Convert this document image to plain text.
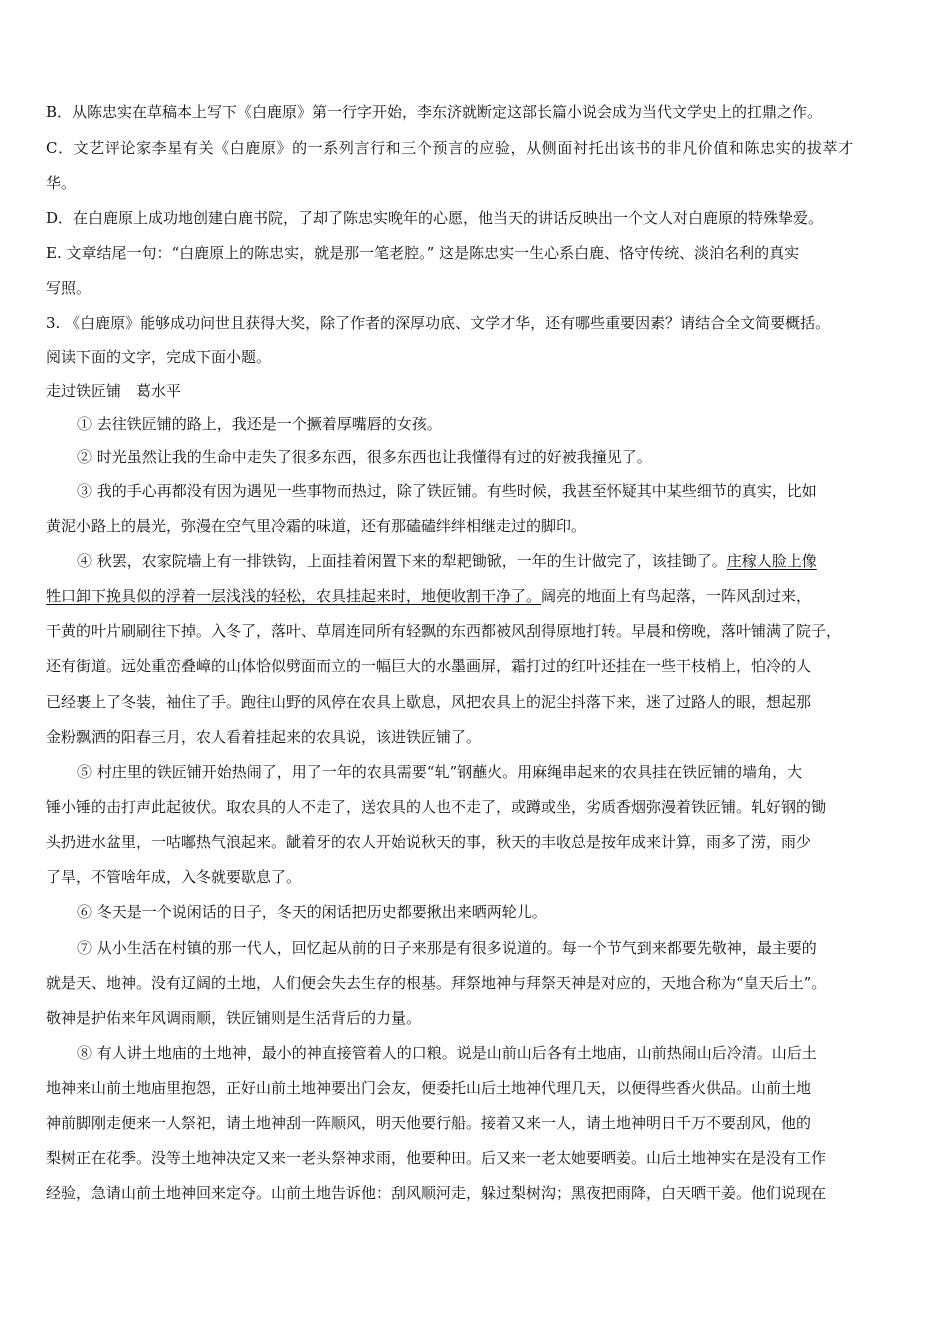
B．从陈忠实在草稿本上写下《白鹿原》第一行字开始，李东济就断定这部长篇小说会成为当代文学史上的扛鼎之作。
C．文艺评论家李星有关《白鹿原》的一系列言行和三个预言的应验，从侧面衬托出该书的非凡价值和陈忠实的拔萃才
华。
D．在白鹿原上成功地创建白鹿书院，了却了陈忠实晚年的心愿，他当天的讲话反映出一个文人对白鹿原的特殊挚爱。
E. 文章结尾一句：“白鹿原上的陈忠实，就是那一笔老腔。” 这是陈忠实一生心系白鹿、恪守传统、淡泊名利的真实
写照。
3. 《白鹿原》能够成功问世且获得大奖，除了作者的深厚功底、文学才华，还有哪些重要因素？请结合全文简要概括。
阅读下面的文字，完成下面小题。
走过铁匠铺　葛水平
① 去往铁匠铺的路上，我还是一个撅着厚嘴唇的女孩。
② 时光虽然让我的生命中走失了很多东西，很多东西也让我懂得有过的好被我撞见了。
③ 我的手心再都没有因为遇见一些事物而热过，除了铁匠铺。有些时候，我甚至怀疑其中某些细节的真实，比如
黄泥小路上的晨光，弥漫在空气里冷霜的味道，还有那磕磕绊绊相继走过的脚印。
④ 秋罢，农家院墙上有一排铁钩，上面挂着闲置下来的犁耙锄锨，一年的生计做完了，该挂锄了。庄稼人脸上像
牲口卸下挽具似的浮着一层浅浅的轻松，农具挂起来时，地便收割干净了。阔亮的地面上有鸟起落，一阵风刮过来，
干黄的叶片刷刷往下掉。入冬了，落叶、草屑连同所有轻飘的东西都被风刮得原地打转。早晨和傍晚，落叶铺满了院子，
还有街道。远处重峦叠嶂的山体恰似劈面而立的一幅巨大的水墨画屏，霜打过的红叶还挂在一些干枝梢上，怕冷的人
已经裹上了冬装，袖住了手。跑往山野的风停在农具上歇息，风把农具上的泥尘抖落下来，迷了过路人的眼，想起那
金粉飘洒的阳春三月，农人看着挂起来的农具说，该进铁匠铺了。
⑤ 村庄里的铁匠铺开始热闹了，用了一年的农具需要“轧”钢蘸火。用麻绳串起来的农具挂在铁匠铺的墙角，大
锤小锤的击打声此起彼伏。取农具的人不走了，送农具的人也不走了，或蹲或坐，劣质香烟弥漫着铁匠铺。轧好钢的锄
头扔进水盆里，一咕嘟热气浪起来。龇着牙的农人开始说秋天的事，秋天的丰收总是按年成来计算，雨多了涝，雨少
了旱，不管啥年成，入冬就要歇息了。
⑥ 冬天是一个说闲话的日子，冬天的闲话把历史都要揪出来晒两轮儿。
⑦ 从小生活在村镇的那一代人，回忆起从前的日子来那是有很多说道的。每一个节气到来都要先敬神，最主要的
就是天、地神。没有辽阔的土地，人们便会失去生存的根基。拜祭地神与拜祭天神是对应的，天地合称为“皇天后土”。
敬神是护佑来年风调雨顺，铁匠铺则是生活背后的力量。
⑧ 有人讲土地庙的土地神，最小的神直接管着人的口粮。说是山前山后各有土地庙，山前热闹山后冷清。山后土
地神来山前土地庙里抱怨，正好山前土地神要出门会友，便委托山后土地神代理几天，以便得些香火供品。山前土地
神前脚刚走便来一人祭祀，请土地神刮一阵顺风，明天他要行船。接着又来一人，请土地神明日千万不要刮风，他的
梨树正在花季。没等土地神决定又来一老头祭神求雨，他要种田。后又来一老太她要晒姜。山后土地神实在是没有工作
经验，急请山前土地神回来定夺。山前土地告诉他：刮风顺河走，躲过梨树沟；黑夜把雨降，白天晒干姜。他们说现在
